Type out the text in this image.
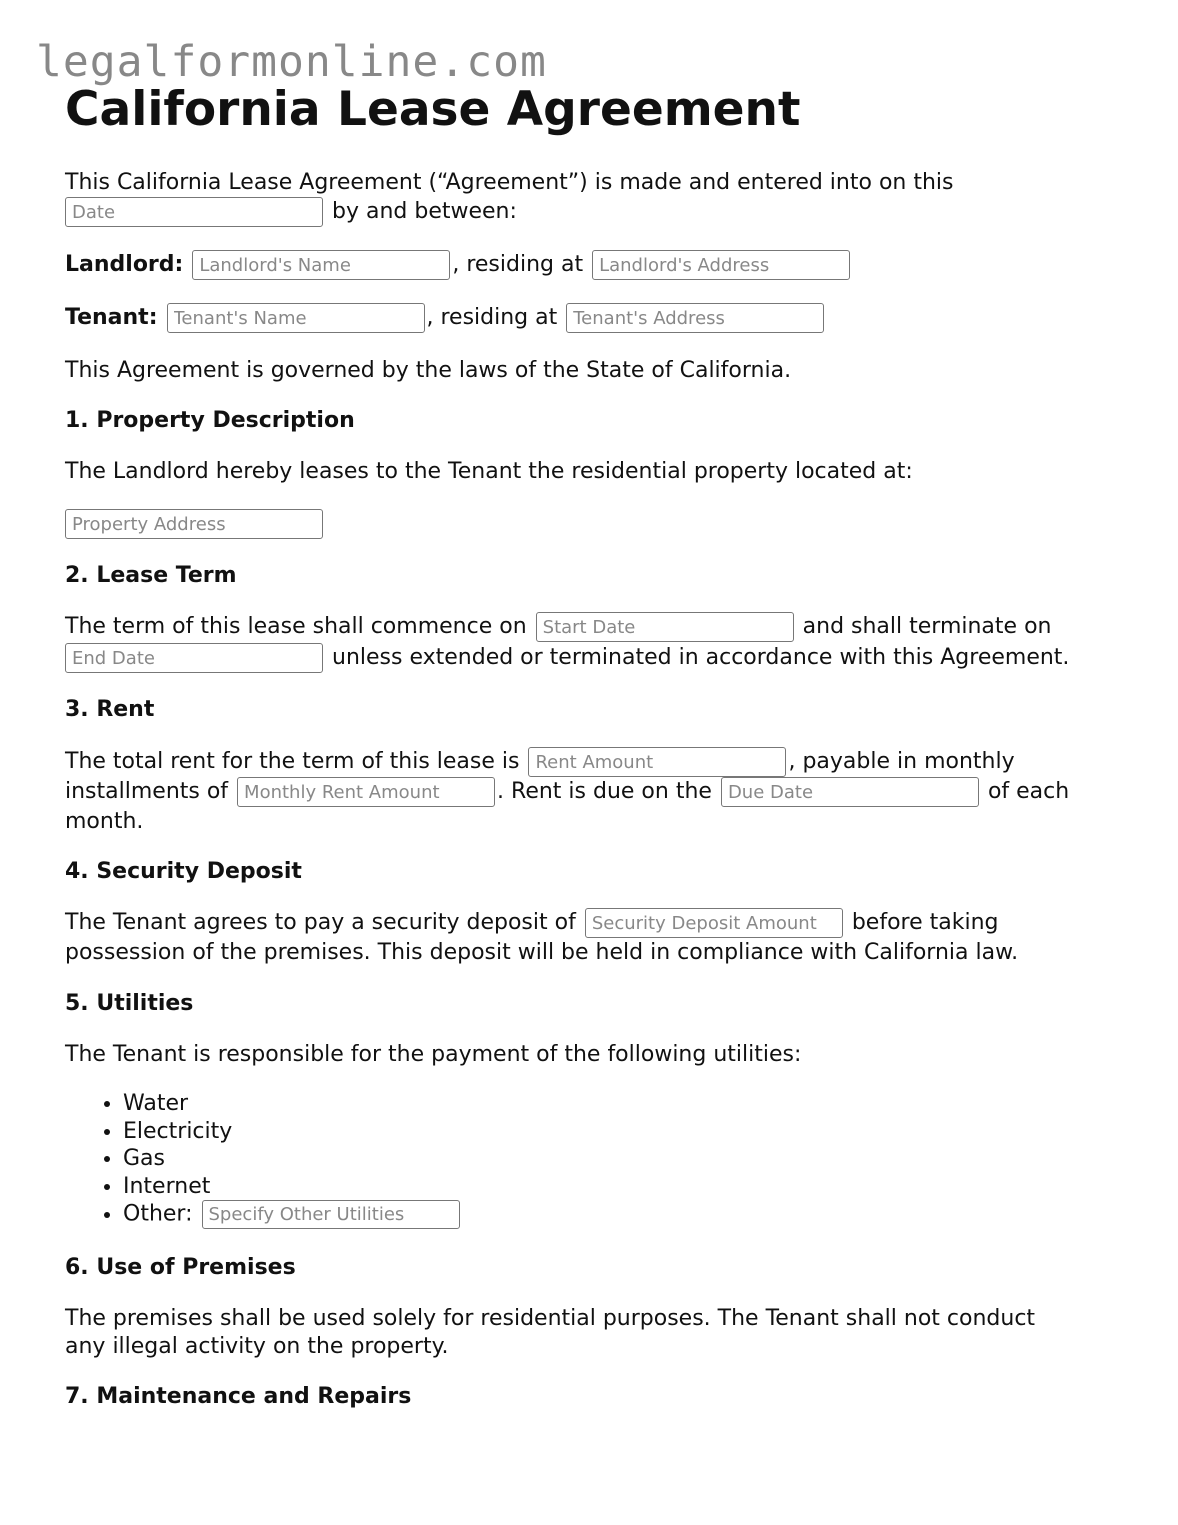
legalformonline.com
California Lease Agreement

This California Lease Agreement (“Agreement”) is made and entered into on this

Date by and between:

Landlord: Landlord's Name	, residing at Landlord's Address

Tenant: Tenant's Name	, residing at Tenant's Address

This Agreement is governed by the laws of the State of California.

1. Property Description

The Landlord hereby leases to the Tenant the residential property located at:

Property Address

2. Lease Term

The term of this lease shall commence on Start Date	and shall terminate on

End Date unless extended or terminated in accordance with this Agreement.

3. Rent

The total rent for the term of this lease is Rent Amount	, payable in monthly

installments of Monthly Rent Amount	. Rent is due on the Due Date	of each

month.

4. Security Deposit

The Tenant agrees to pay a security deposit of Security Deposit Amount	before taking

possession of the premises. This deposit will be held in compliance with California law.

5. Utilities

The Tenant is responsible for the payment of the following utilities:

• Water
• Electricity
• Gas
• Internet
• Other: Specify Other Utilities

6. Use of Premises

The premises shall be used solely for residential purposes. The Tenant shall not conduct

any illegal activity on the property.

7. Maintenance and Repairs
